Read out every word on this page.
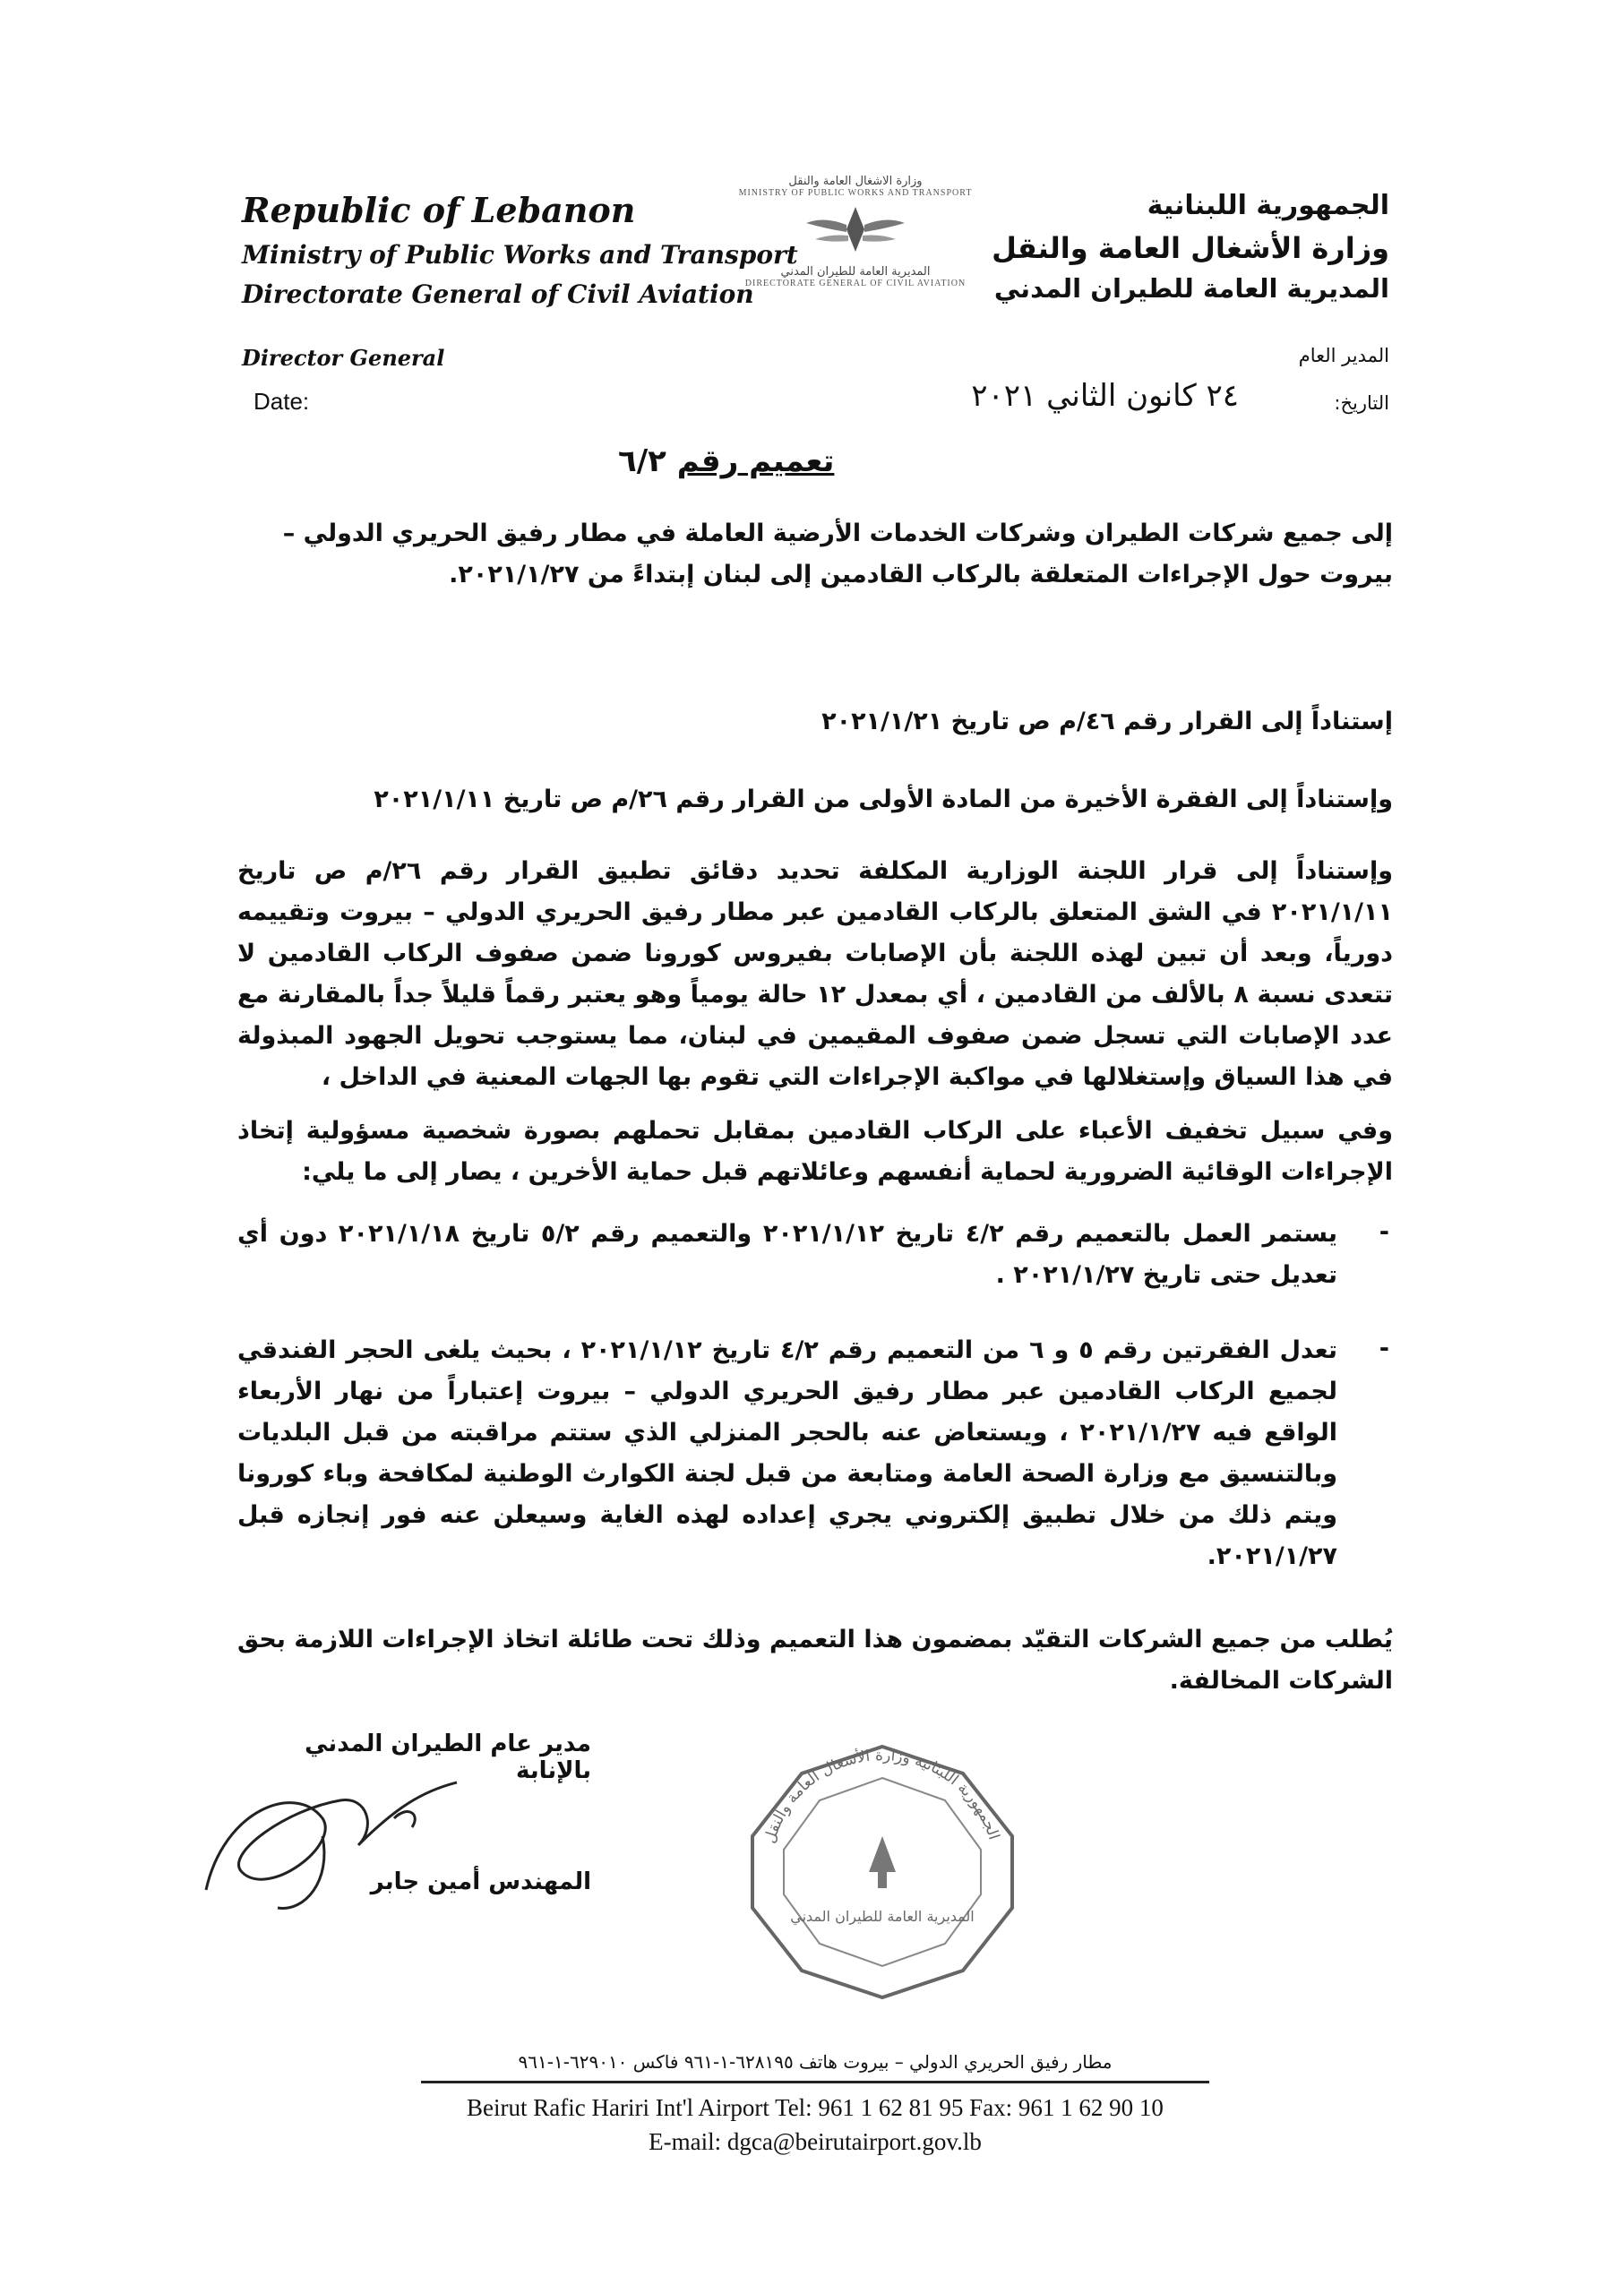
Republic of Lebanon
Ministry of Public Works and Transport
Directorate General of Civil Aviation
وزارة الاشغال العامة والنقل
MINISTRY OF PUBLIC WORKS AND TRANSPORT
المديرية العامة للطيران المدني
DIRECTORATE GENERAL OF CIVIL AVIATION
الجمهورية اللبنانية
وزارة الأشغال العامة والنقل
المديرية العامة للطيران المدني
Director General
Date:
المدير العام
التاريخ:
٢٤ كانون الثاني ٢٠٢١
تعميم رقم ٦/٢
إلى جميع شركات الطيران وشركات الخدمات الأرضية العاملة في مطار رفيق الحريري الدولي – بيروت حول الإجراءات المتعلقة بالركاب القادمين إلى لبنان إبتداءً من ٢٠٢١/١/٢٧.
إستناداً إلى القرار رقم ٤٦/م ص تاريخ ٢٠٢١/١/٢١
وإستناداً إلى الفقرة الأخيرة من المادة الأولى من القرار رقم ٢٦/م ص تاريخ ٢٠٢١/١/١١
وإستناداً إلى قرار اللجنة الوزارية المكلفة تحديد دقائق تطبيق القرار رقم ٢٦/م ص تاريخ ٢٠٢١/١/١١ في الشق المتعلق بالركاب القادمين عبر مطار رفيق الحريري الدولي – بيروت وتقييمه دورياً، وبعد أن تبين لهذه اللجنة بأن الإصابات بفيروس كورونا ضمن صفوف الركاب القادمين لا تتعدى نسبة ٨ بالألف من القادمين ، أي بمعدل ١٢ حالة يومياً وهو يعتبر رقماً قليلاً جداً بالمقارنة مع عدد الإصابات التي تسجل ضمن صفوف المقيمين في لبنان، مما يستوجب تحويل الجهود المبذولة في هذا السياق وإستغلالها في مواكبة الإجراءات التي تقوم بها الجهات المعنية في الداخل ،
وفي سبيل تخفيف الأعباء على الركاب القادمين بمقابل تحملهم بصورة شخصية مسؤولية إتخاذ الإجراءات الوقائية الضرورية لحماية أنفسهم وعائلاتهم قبل حماية الأخرين ، يصار إلى ما يلي:
-
يستمر العمل بالتعميم رقم ٤/٢ تاريخ ٢٠٢١/١/١٢ والتعميم رقم ٥/٢ تاريخ ٢٠٢١/١/١٨ دون أي تعديل حتى تاريخ ٢٠٢١/١/٢٧ .
-
تعدل الفقرتين رقم ٥ و ٦ من التعميم رقم ٤/٢ تاريخ ٢٠٢١/١/١٢ ، بحيث يلغى الحجر الفندقي لجميع الركاب القادمين عبر مطار رفيق الحريري الدولي – بيروت إعتباراً من نهار الأربعاء الواقع فيه ٢٠٢١/١/٢٧ ، ويستعاض عنه بالحجر المنزلي الذي ستتم مراقبته من قبل البلديات وبالتنسيق مع وزارة الصحة العامة ومتابعة من قبل لجنة الكوارث الوطنية لمكافحة وباء كورونا ويتم ذلك من خلال تطبيق إلكتروني يجري إعداده لهذه الغاية وسيعلن عنه فور إنجازه قبل ٢٠٢١/١/٢٧.
يُطلب من جميع الشركات التقيّد بمضمون هذا التعميم وذلك تحت طائلة اتخاذ الإجراءات اللازمة بحق الشركات المخالفة.
مدير عام الطيران المدني بالإنابة
المهندس أمين جابر
الجمهورية اللبنانية وزارة الأشغال العامة والنقل
المديرية العامة للطيران المدني
مطار رفيق الحريري الدولي – بيروت هاتف ٦٢٨١٩٥-١-٩٦١ فاكس ٦٢٩٠١٠-١-٩٦١
Beirut Rafic Hariri Int'l Airport Tel: 961 1 62 81 95 Fax: 961 1 62 90 10
E-mail: dgca@beirutairport.gov.lb
